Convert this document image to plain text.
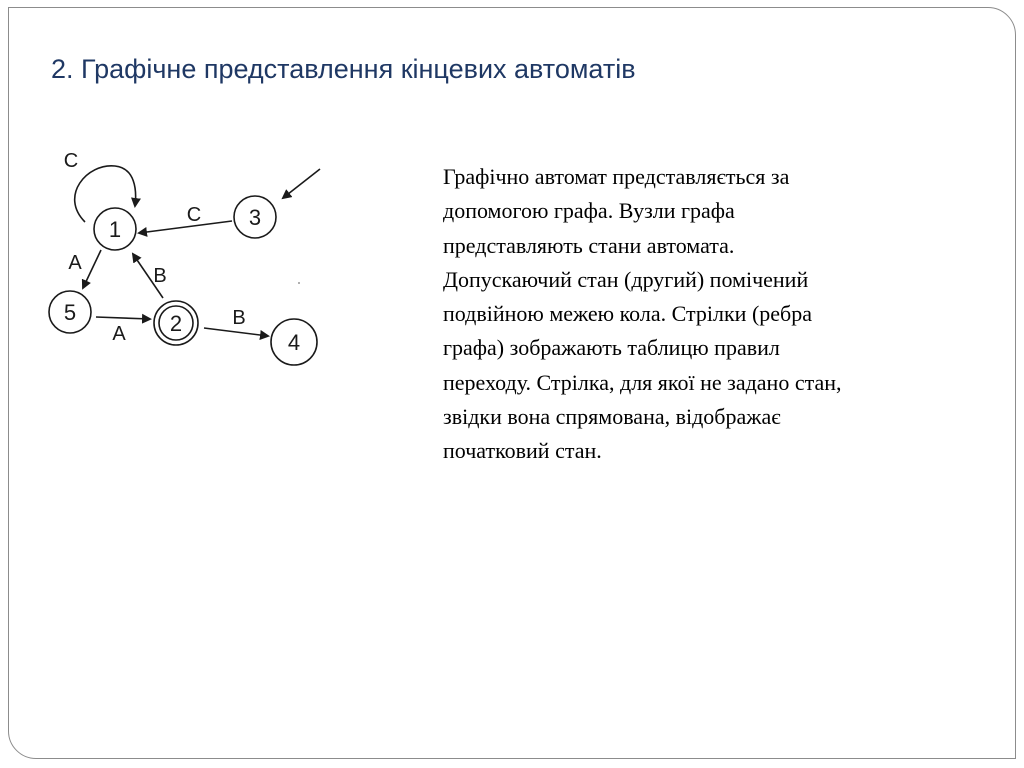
2. Графічне представлення кінцевих автоматів
1	3
5	2
4
C
C
A
B
A
B

Графічно автомат представляється за
допомогою графа. Вузли графа
представляють стани автомата.
Допускаючий стан (другий) помічений
подвійною межею кола. Стрілки (ребра
графа) зображають таблицю правил
переходу. Стрілка, для якої не задано стан,
звідки вона спрямована, відображає
початковий стан.
